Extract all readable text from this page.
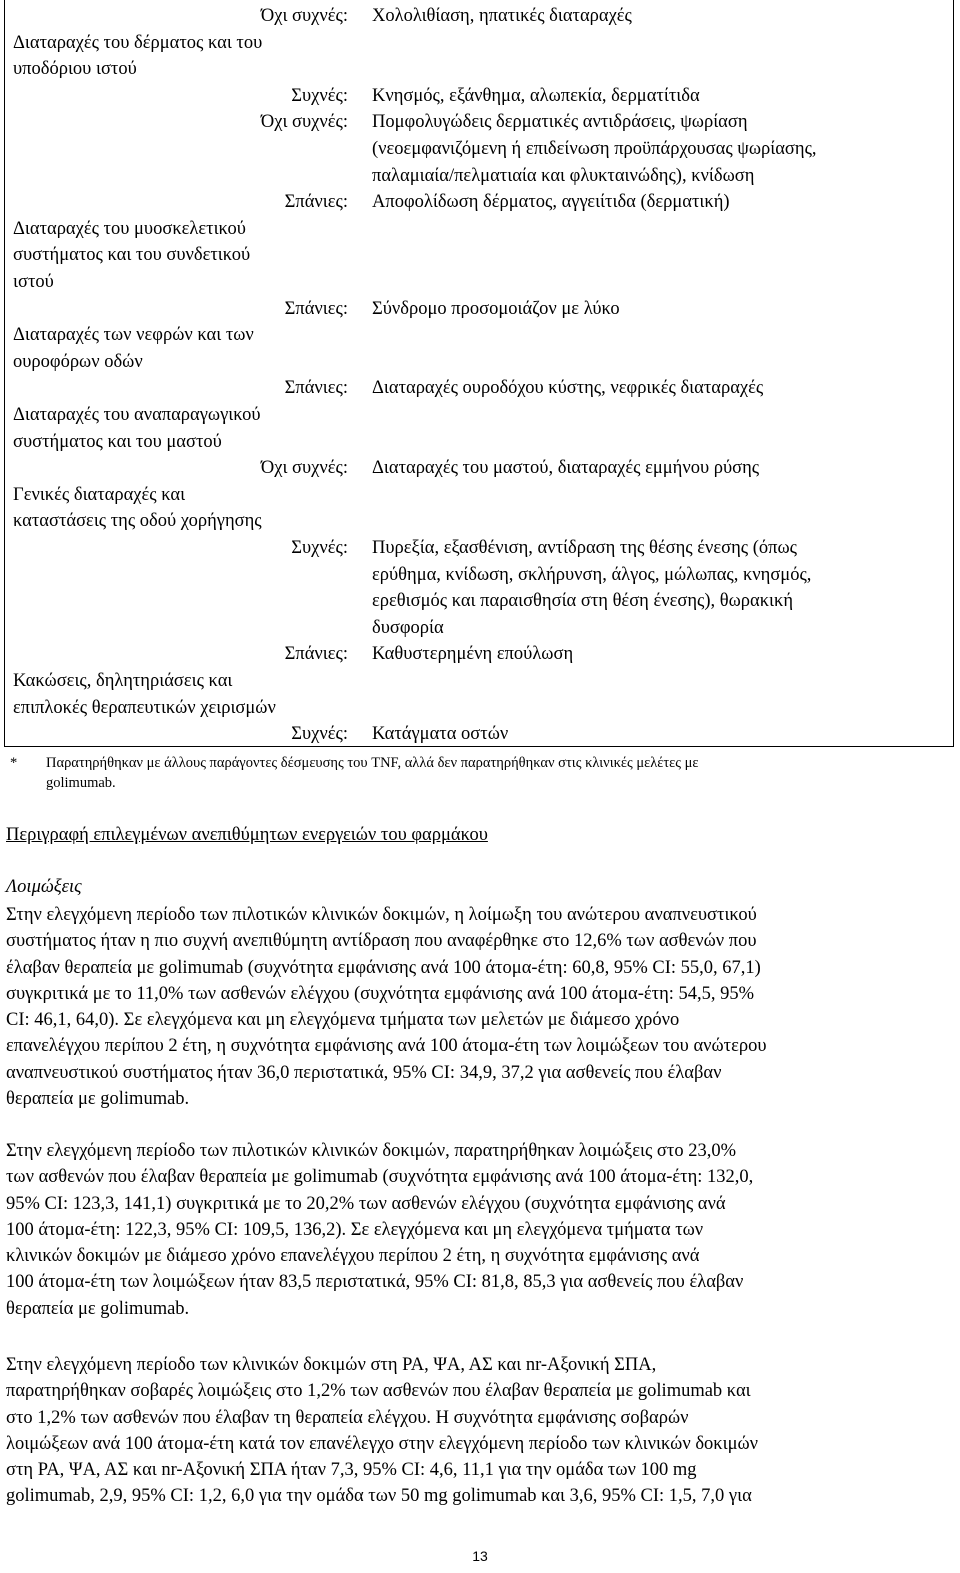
Όχι συχνές: Χολολιθίαση, ηπατικές διαταραχές
Διαταραχές του δέρματος και του
υποδόριου ιστού
Συχνές: Κνησμός, εξάνθημα, αλωπεκία, δερματίτιδα
Όχι συχνές: Πομφολυγώδεις δερματικές αντιδράσεις, ψωρίαση
(νεοεμφανιζόμενη ή επιδείνωση προϋπάρχουσας ψωρίασης,
παλαμιαία/πελματιαία και φλυκταινώδης), κνίδωση
Σπάνιες: Αποφολίδωση δέρματος, αγγειίτιδα (δερματική)
Διαταραχές του μυοσκελετικού
συστήματος και του συνδετικού
ιστού
Σπάνιες: Σύνδρομο προσομοιάζον με λύκο
Διαταραχές των νεφρών και των
ουροφόρων οδών
Σπάνιες: Διαταραχές ουροδόχου κύστης, νεφρικές διαταραχές
Διαταραχές του αναπαραγωγικού
συστήματος και του μαστού
Όχι συχνές: Διαταραχές του μαστού, διαταραχές εμμήνου ρύσης
Γενικές διαταραχές και
καταστάσεις της οδού χορήγησης
Συχνές: Πυρεξία, εξασθένιση, αντίδραση της θέσης ένεσης (όπως
ερύθημα, κνίδωση, σκλήρυνση, άλγος, μώλωπας, κνησμός,
ερεθισμός και παραισθησία στη θέση ένεσης), θωρακική
δυσφορία
Σπάνιες: Καθυστερημένη επούλωση
Κακώσεις, δηλητηριάσεις και
επιπλοκές θεραπευτικών χειρισμών
Συχνές: Κατάγματα οστών
* Παρατηρήθηκαν με άλλους παράγοντες δέσμευσης του TNF, αλλά δεν παρατηρήθηκαν στις κλινικές μελέτες με
golimumab.
Περιγραφή επιλεγμένων ανεπιθύμητων ενεργειών του φαρμάκου
Λοιμώξεις
Στην ελεγχόμενη περίοδο των πιλοτικών κλινικών δοκιμών, η λοίμωξη του ανώτερου αναπνευστικού
συστήματος ήταν η πιο συχνή ανεπιθύμητη αντίδραση που αναφέρθηκε στο 12,6% των ασθενών που
έλαβαν θεραπεία με golimumab (συχνότητα εμφάνισης ανά 100 άτομα-έτη: 60,8, 95% CI: 55,0, 67,1)
συγκριτικά με το 11,0% των ασθενών ελέγχου (συχνότητα εμφάνισης ανά 100 άτομα-έτη: 54,5, 95%
CI: 46,1, 64,0). Σε ελεγχόμενα και μη ελεγχόμενα τμήματα των μελετών με διάμεσο χρόνο
επανελέγχου περίπου 2 έτη, η συχνότητα εμφάνισης ανά 100 άτομα-έτη των λοιμώξεων του ανώτερου
αναπνευστικού συστήματος ήταν 36,0 περιστατικά, 95% CI: 34,9, 37,2 για ασθενείς που έλαβαν
θεραπεία με golimumab.
Στην ελεγχόμενη περίοδο των πιλοτικών κλινικών δοκιμών, παρατηρήθηκαν λοιμώξεις στο 23,0%
των ασθενών που έλαβαν θεραπεία με golimumab (συχνότητα εμφάνισης ανά 100 άτομα-έτη: 132,0,
95% CI: 123,3, 141,1) συγκριτικά με το 20,2% των ασθενών ελέγχου (συχνότητα εμφάνισης ανά
100 άτομα-έτη: 122,3, 95% CI: 109,5, 136,2). Σε ελεγχόμενα και μη ελεγχόμενα τμήματα των
κλινικών δοκιμών με διάμεσο χρόνο επανελέγχου περίπου 2 έτη, η συχνότητα εμφάνισης ανά
100 άτομα-έτη των λοιμώξεων ήταν 83,5 περιστατικά, 95% CI: 81,8, 85,3 για ασθενείς που έλαβαν
θεραπεία με golimumab.
Στην ελεγχόμενη περίοδο των κλινικών δοκιμών στη ΡΑ, ΨΑ, ΑΣ και nr-Αξονική ΣΠΑ,
παρατηρήθηκαν σοβαρές λοιμώξεις στο 1,2% των ασθενών που έλαβαν θεραπεία με golimumab και
στο 1,2% των ασθενών που έλαβαν τη θεραπεία ελέγχου. Η συχνότητα εμφάνισης σοβαρών
λοιμώξεων ανά 100 άτομα-έτη κατά τον επανέλεγχο στην ελεγχόμενη περίοδο των κλινικών δοκιμών
στη ΡΑ, ΨΑ, ΑΣ και nr-Αξονική ΣΠΑ ήταν 7,3, 95% CI: 4,6, 11,1 για την ομάδα των 100 mg
golimumab, 2,9, 95% CI: 1,2, 6,0 για την ομάδα των 50 mg golimumab και 3,6, 95% CI: 1,5, 7,0 για
13
